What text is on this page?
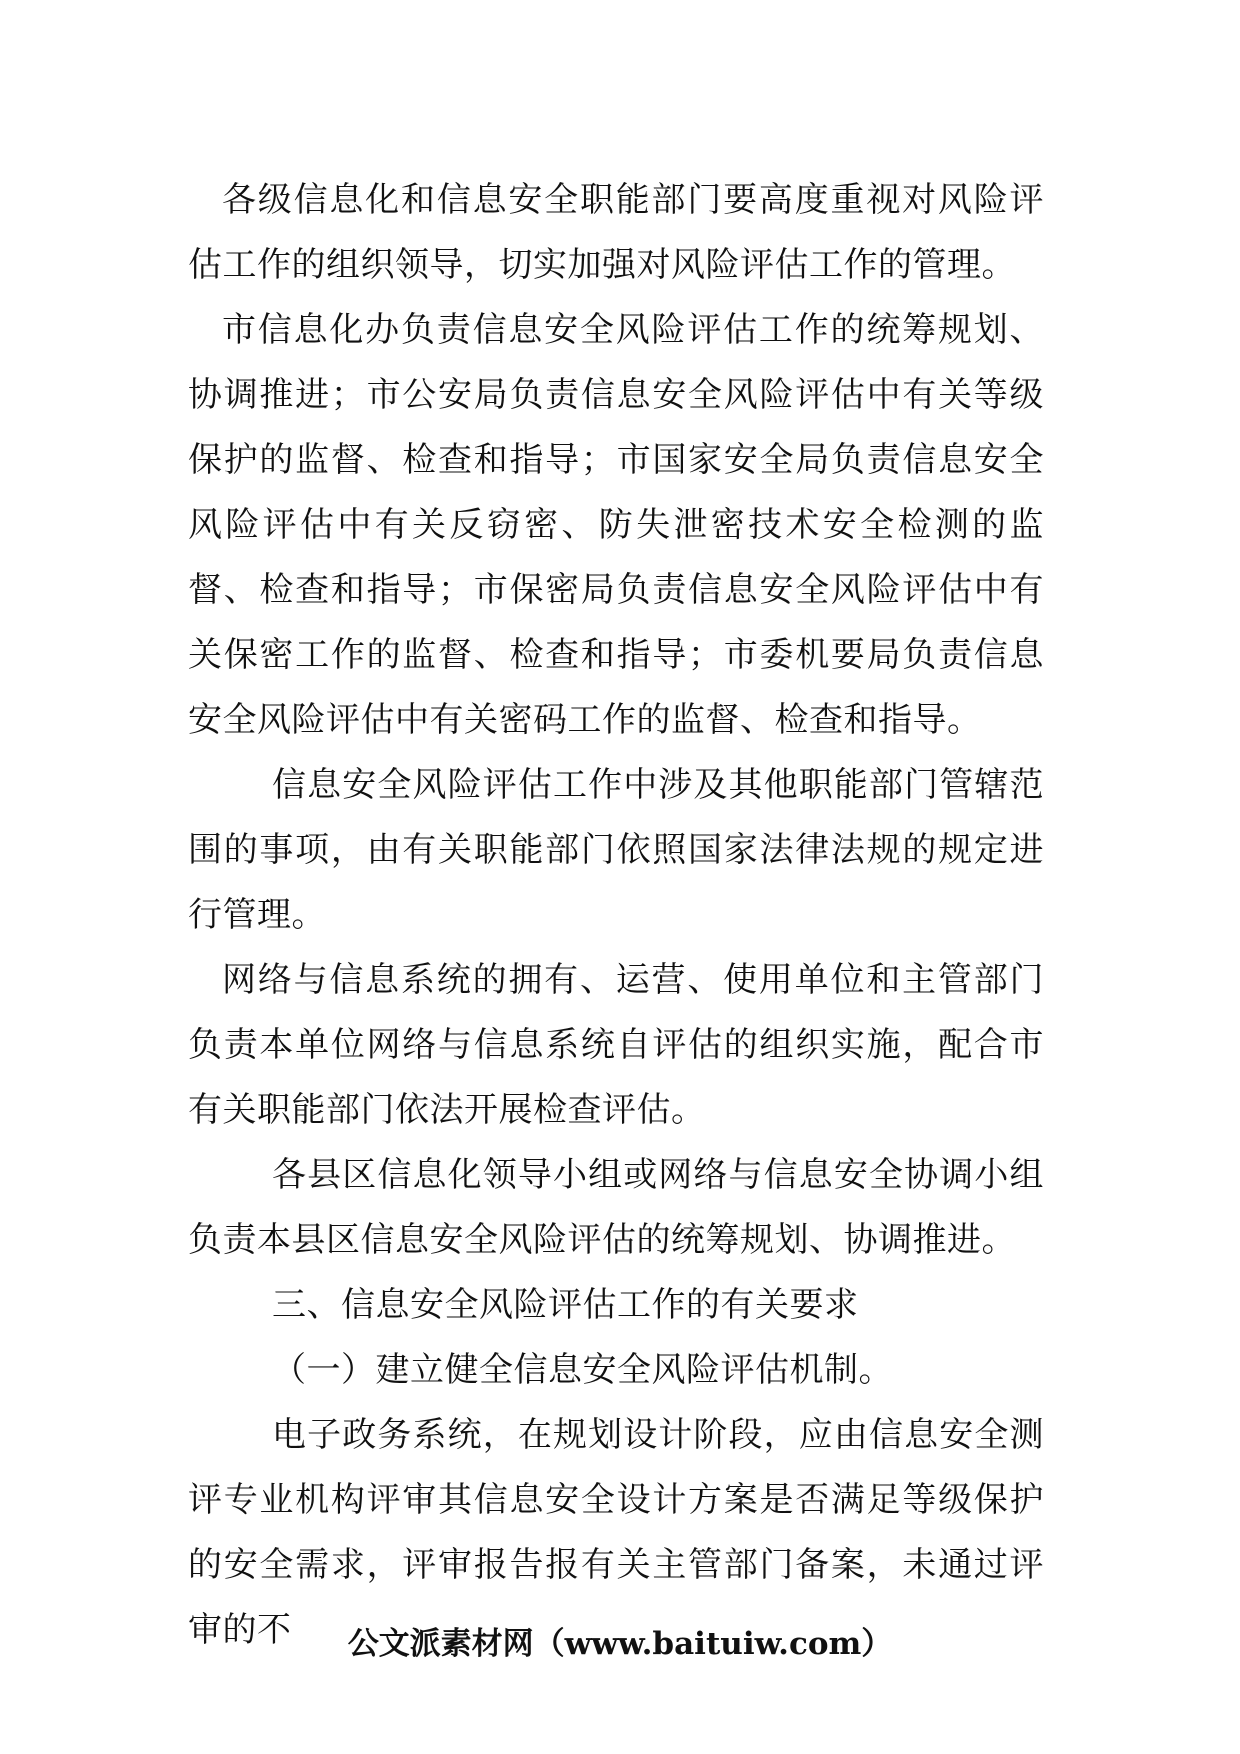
各级信息化和信息安全职能部门要高度重视对风险评估工作的组织领导，切实加强对风险评估工作的管理。

市信息化办负责信息安全风险评估工作的统筹规划、协调推进；市公安局负责信息安全风险评估中有关等级保护的监督、检查和指导；市国家安全局负责信息安全风险评估中有关反窃密、防失泄密技术安全检测的监督、检查和指导；市保密局负责信息安全风险评估中有关保密工作的监督、检查和指导；市委机要局负责信息安全风险评估中有关密码工作的监督、检查和指导。

信息安全风险评估工作中涉及其他职能部门管辖范围的事项，由有关职能部门依照国家法律法规的规定进行管理。

网络与信息系统的拥有、运营、使用单位和主管部门负责本单位网络与信息系统自评估的组织实施，配合市有关职能部门依法开展检查评估。

各县区信息化领导小组或网络与信息安全协调小组负责本县区信息安全风险评估的统筹规划、协调推进。

三、信息安全风险评估工作的有关要求

（一）建立健全信息安全风险评估机制。

电子政务系统，在规划设计阶段，应由信息安全测评专业机构评审其信息安全设计方案是否满足等级保护的安全需求，评审报告报有关主管部门备案，未通过评审的不	公文派素材网（www.baituiw.com）
